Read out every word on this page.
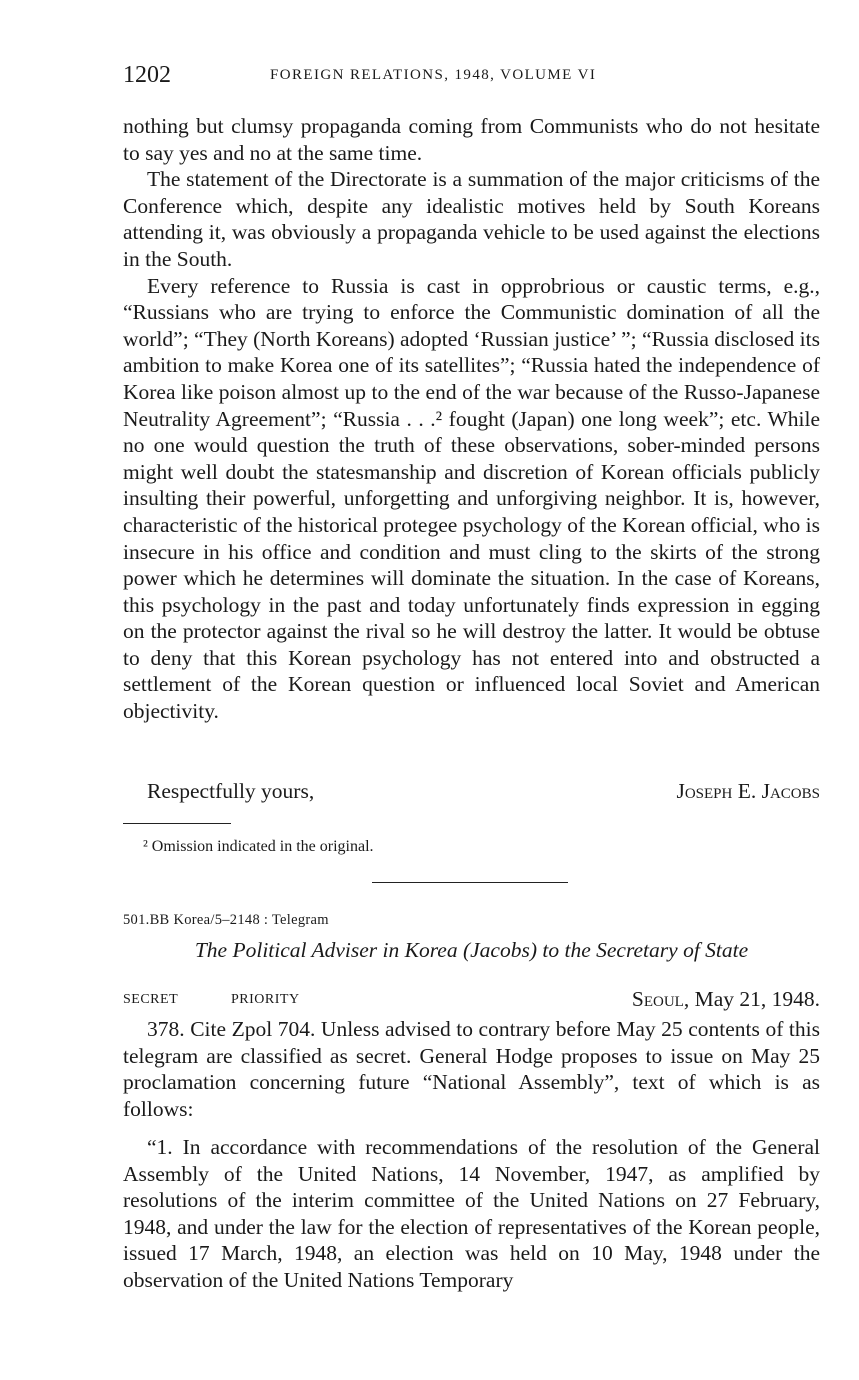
1202	FOREIGN RELATIONS, 1948, VOLUME VI

nothing but clumsy propaganda coming from Communists who do not hesitate to say yes and no at the same time.

The statement of the Directorate is a summation of the major criticisms of the Conference which, despite any idealistic motives held by South Koreans attending it, was obviously a propaganda vehicle to be used against the elections in the South.

Every reference to Russia is cast in opprobrious or caustic terms, e.g., “Russians who are trying to enforce the Communistic domination of all the world”; “They (North Koreans) adopted ‘Russian justice’ ”; “Russia disclosed its ambition to make Korea one of its satellites”; “Russia hated the independence of Korea like poison almost up to the end of the war because of the Russo-Japanese Neutrality Agreement”; “Russia . . .² fought (Japan) one long week”; etc. While no one would question the truth of these observations, sober-minded persons might well doubt the statesmanship and discretion of Korean officials publicly insulting their powerful, unforgetting and unforgiving neighbor. It is, however, characteristic of the historical protegee psychology of the Korean official, who is insecure in his office and condition and must cling to the skirts of the strong power which he determines will dominate the situation. In the case of Koreans, this psychology in the past and today unfortunately finds expression in egging on the protector against the rival so he will destroy the latter. It would be obtuse to deny that this Korean psychology has not entered into and obstructed a settlement of the Korean question or influenced local Soviet and American objectivity.

Respectfully yours,	Joseph E. Jacobs
² Omission indicated in the original.
501.BB Korea/5–2148 : Telegram
The Political Adviser in Korea (Jacobs) to the Secretary of State
SECRET	PRIORITY	Seoul, May 21, 1948.

378. Cite Zpol 704. Unless advised to contrary before May 25 contents of this telegram are classified as secret. General Hodge proposes to issue on May 25 proclamation concerning future “National Assembly”, text of which is as follows:

“1. In accordance with recommendations of the resolution of the General Assembly of the United Nations, 14 November, 1947, as amplified by resolutions of the interim committee of the United Nations on 27 February, 1948, and under the law for the election of representatives of the Korean people, issued 17 March, 1948, an election was held on 10 May, 1948 under the observation of the United Nations Temporary
